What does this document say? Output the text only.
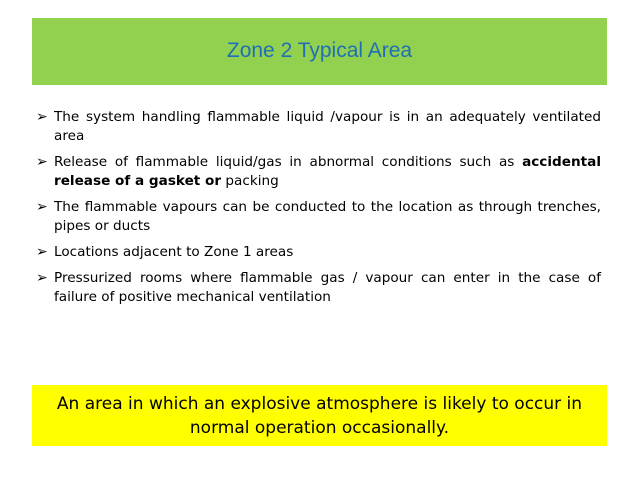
Zone 2 Typical Area
➢ The system handling flammable liquid /vapour is in an adequately ventilated area
➢ Release of flammable liquid/gas in abnormal conditions such as accidental release of a gasket or packing
➢ The flammable vapours can be conducted to the location as through trenches, pipes or ducts
➢ Locations adjacent to Zone 1 areas
➢ Pressurized rooms where flammable gas / vapour can enter in the case of failure of positive mechanical ventilation
An area in which an explosive atmosphere is likely to occur in normal operation occasionally.
